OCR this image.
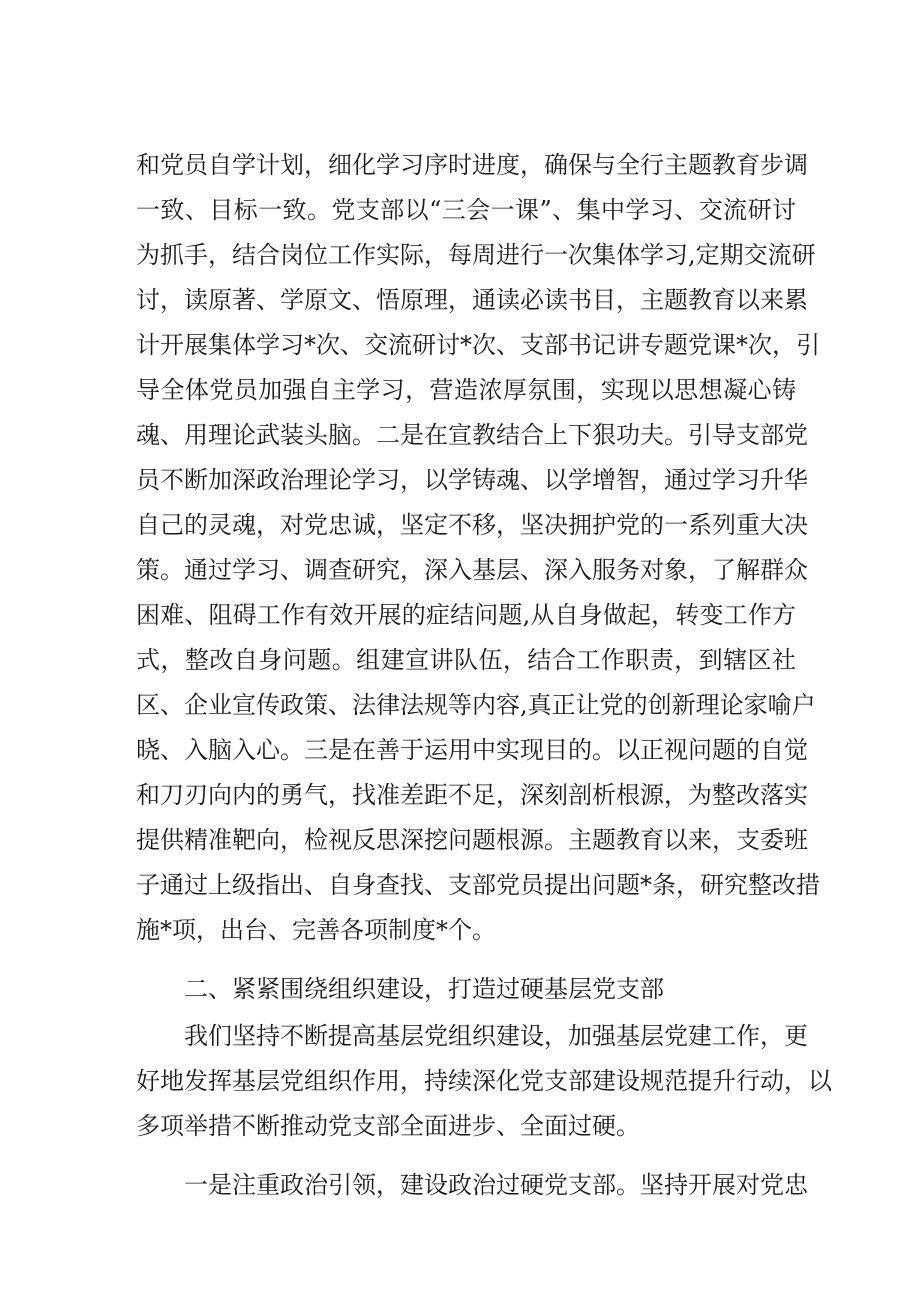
和党员自学计划，细化学习序时进度，确保与全行主题教育步调
一致、目标一致。党支部以“三会一课”、集中学习、交流研讨
为抓手，结合岗位工作实际，每周进行一次集体学习,定期交流研
讨，读原著、学原文、悟原理，通读必读书目，主题教育以来累
计开展集体学习*次、交流研讨*次、支部书记讲专题党课*次，引
导全体党员加强自主学习，营造浓厚氛围，实现以思想凝心铸
魂、用理论武装头脑。二是在宣教结合上下狠功夫。引导支部党
员不断加深政治理论学习，以学铸魂、以学增智，通过学习升华
自己的灵魂，对党忠诚，坚定不移，坚决拥护党的一系列重大决
策。通过学习、调查研究，深入基层、深入服务对象，了解群众
困难、阻碍工作有效开展的症结问题,从自身做起，转变工作方
式，整改自身问题。组建宣讲队伍，结合工作职责，到辖区社
区、企业宣传政策、法律法规等内容,真正让党的创新理论家喻户
晓、入脑入心。三是在善于运用中实现目的。以正视问题的自觉
和刀刃向内的勇气，找准差距不足，深刻剖析根源，为整改落实
提供精准靶向，检视反思深挖问题根源。主题教育以来，支委班
子通过上级指出、自身查找、支部党员提出问题*条，研究整改措
施*项，出台、完善各项制度*个。
二、紧紧围绕组织建设，打造过硬基层党支部
我们坚持不断提高基层党组织建设，加强基层党建工作，更
好地发挥基层党组织作用，持续深化党支部建设规范提升行动，以
多项举措不断推动党支部全面进步、全面过硬。
一是注重政治引领，建设政治过硬党支部。坚持开展对党忠
